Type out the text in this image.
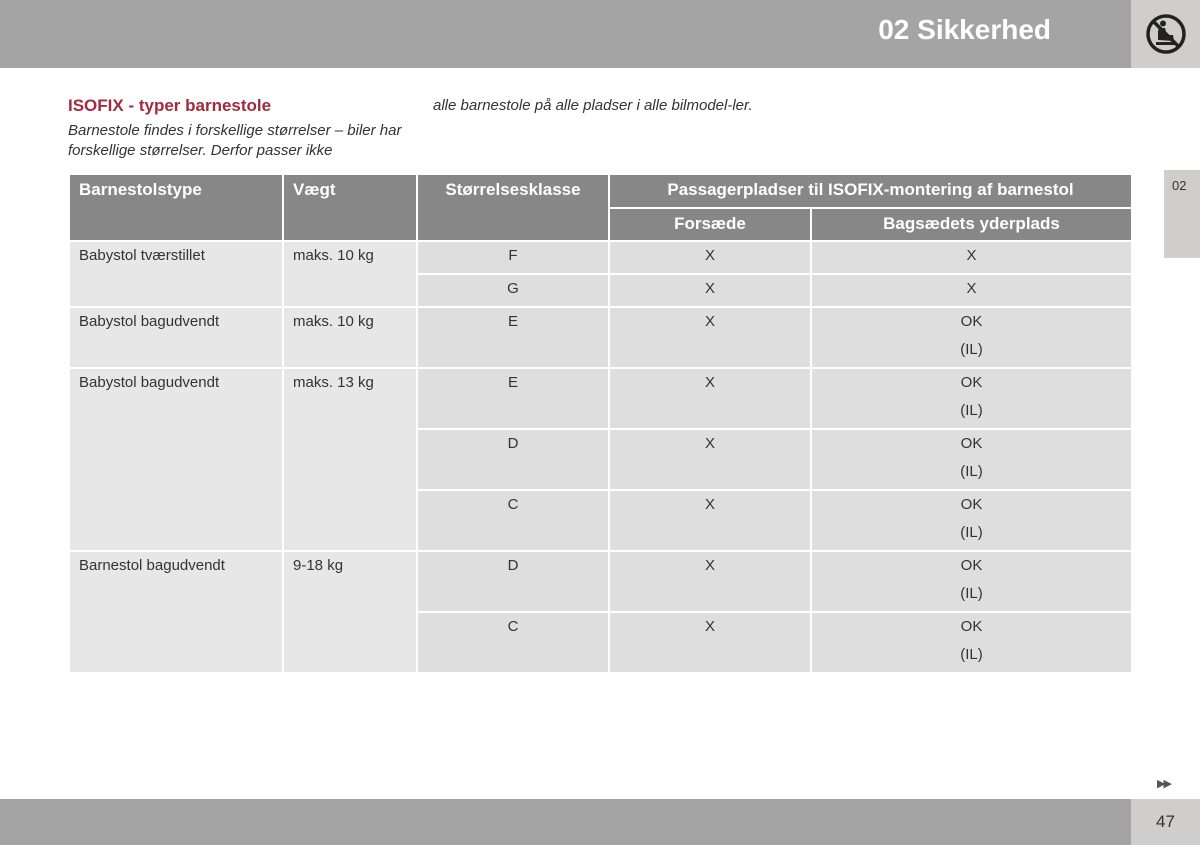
02 Sikkerhed
02
ISOFIX - typer barnestole
Barnestole findes i forskellige størrelser – biler har forskellige størrelser. Derfor passer ikke
alle barnestole på alle pladser i alle bilmodel-ler.
Barnestolstype	Vægt	Størrelsesklasse	Passagerpladser til ISOFIX-montering af barnestol	
			Forsæde	Bagsædets yderplads
Babystol tværstillet	maks. 10 kg	F	X	X
		G	X	X

Babystol bagudvendt	maks. 10 kg	E	X	OK
(IL)

Babystol bagudvendt	maks. 13 kg	E	X	OK
(IL)

		D	X	OK
(IL)

		C	X	OK
(IL)

Barnestol bagudvendt	9-18 kg	D	X	OK
(IL)

		C	X	OK
(IL)
▶▶
47
